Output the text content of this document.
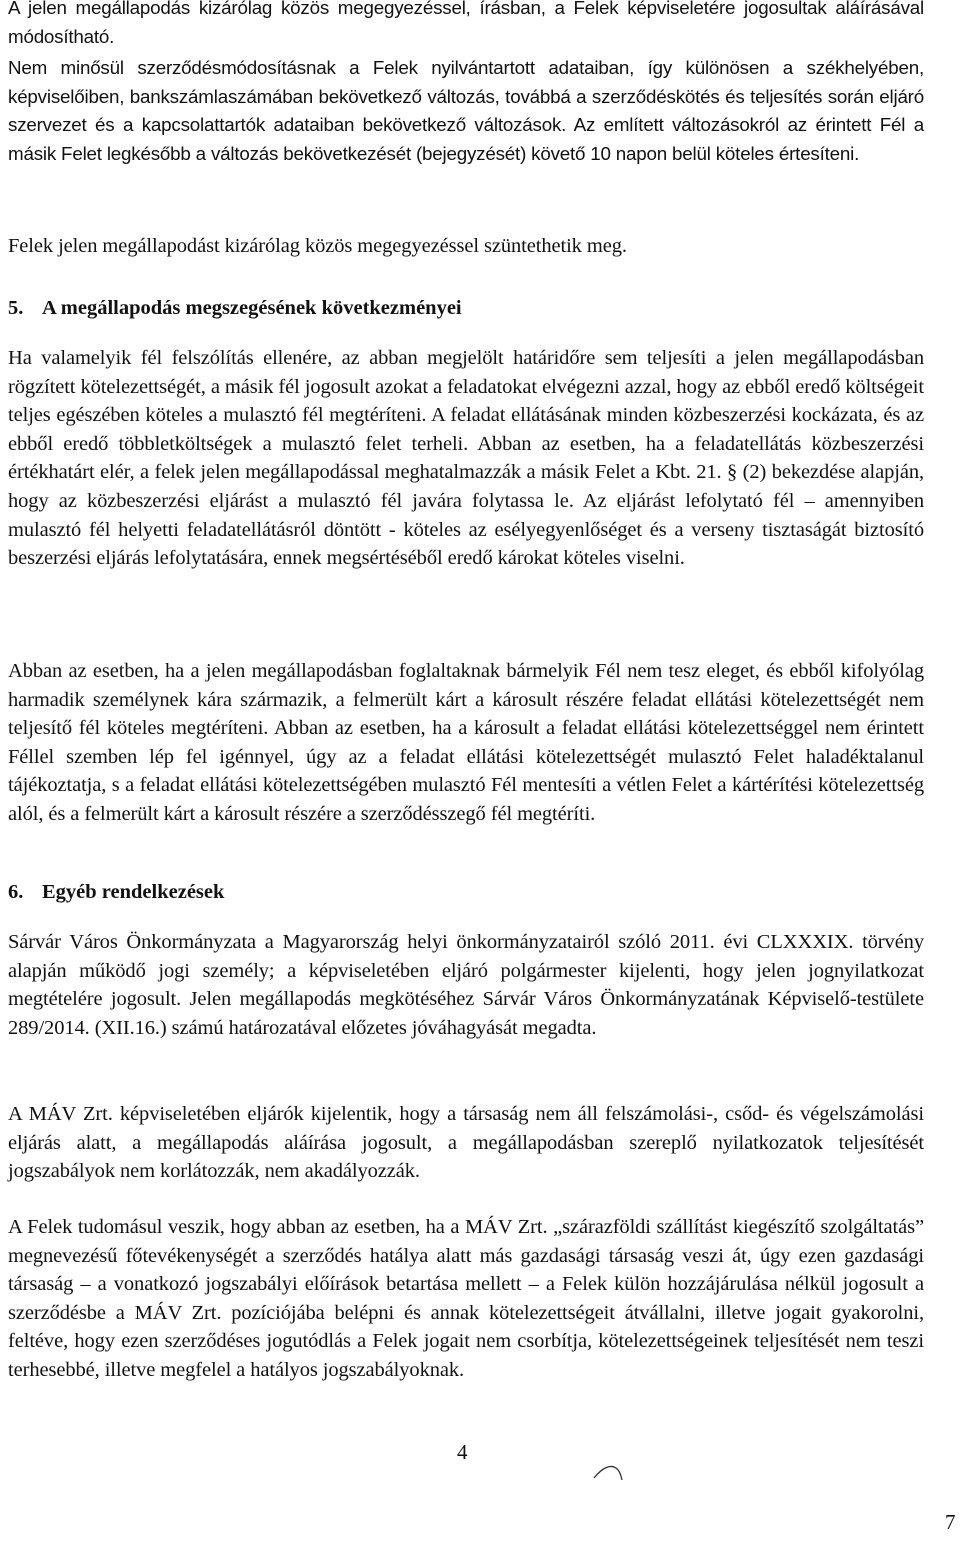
A jelen megállapodás kizárólag közös megegyezéssel, írásban, a Felek képviseletére jogosultak aláírásával módosítható.

Nem minősül szerződésmódosításnak a Felek nyilvántartott adataiban, így különösen a székhelyében, képviselőiben, bankszámlaszámában bekövetkező változás, továbbá a szerződéskötés és teljesítés során eljáró szervezet és a kapcsolattartók adataiban bekövetkező változások. Az említett változásokról az érintett Fél a másik Felet legkésőbb a változás bekövetkezését (bejegyzését) követő 10 napon belül köteles értesíteni.

Felek jelen megállapodást kizárólag közös megegyezéssel szüntethetik meg.

5. A megállapodás megszegésének következményei

Ha valamelyik fél felszólítás ellenére, az abban megjelölt határidőre sem teljesíti a jelen megállapodásban rögzített kötelezettségét, a másik fél jogosult azokat a feladatokat elvégezni azzal, hogy az ebből eredő költségeit teljes egészében köteles a mulasztó fél megtéríteni. A feladat ellátásának minden közbeszerzési kockázata, és az ebből eredő többletköltségek a mulasztó felet terheli. Abban az esetben, ha a feladatellátás közbeszerzési értékhatárt elér, a felek jelen megállapodással meghatalmazzák a másik Felet a Kbt. 21. § (2) bekezdése alapján, hogy az közbeszerzési eljárást a mulasztó fél javára folytassa le. Az eljárást lefolytató fél – amennyiben mulasztó fél helyetti feladatellátásról döntött - köteles az esélyegyenlőséget és a verseny tisztaságát biztosító beszerzési eljárás lefolytatására, ennek megsértéséből eredő károkat köteles viselni.

Abban az esetben, ha a jelen megállapodásban foglaltaknak bármelyik Fél nem tesz eleget, és ebből kifolyólag harmadik személynek kára származik, a felmerült kárt a károsult részére feladat ellátási kötelezettségét nem teljesítő fél köteles megtéríteni. Abban az esetben, ha a károsult a feladat ellátási kötelezettséggel nem érintett Féllel szemben lép fel igénnyel, úgy az a feladat ellátási kötelezettségét mulasztó Felet haladéktalanul tájékoztatja, s a feladat ellátási kötelezettségében mulasztó Fél mentesíti a vétlen Felet a kártérítési kötelezettség alól, és a felmerült kárt a károsult részére a szerződésszegő fél megtéríti.

6. Egyéb rendelkezések

Sárvár Város Önkormányzata a Magyarország helyi önkormányzatairól szóló 2011. évi CLXXXIX. törvény alapján működő jogi személy; a képviseletében eljáró polgármester kijelenti, hogy jelen jognyilatkozat megtételére jogosult. Jelen megállapodás megkötéséhez Sárvár Város Önkormányzatának Képviselő-testülete 289/2014. (XII.16.) számú határozatával előzetes jóváhagyását megadta.

A MÁV Zrt. képviseletében eljárók kijelentik, hogy a társaság nem áll felszámolási-, csőd- és végelszámolási eljárás alatt, a megállapodás aláírása jogosult, a megállapodásban szereplő nyilatkozatok teljesítését jogszabályok nem korlátozzák, nem akadályozzák.

A Felek tudomásul veszik, hogy abban az esetben, ha a MÁV Zrt. „szárazföldi szállítást kiegészítő szolgáltatás” megnevezésű főtevékenységét a szerződés hatálya alatt más gazdasági társaság veszi át, úgy ezen gazdasági társaság – a vonatkozó jogszabályi előírások betartása mellett – a Felek külön hozzájárulása nélkül jogosult a szerződésbe a MÁV Zrt. pozíciójába belépni és annak kötelezettségeit átvállalni, illetve jogait gyakorolni, feltéve, hogy ezen szerződéses jogutódlás a Felek jogait nem csorbítja, kötelezettségeinek teljesítését nem teszi terhesebbé, illetve megfelel a hatályos jogszabályoknak.

4

7
